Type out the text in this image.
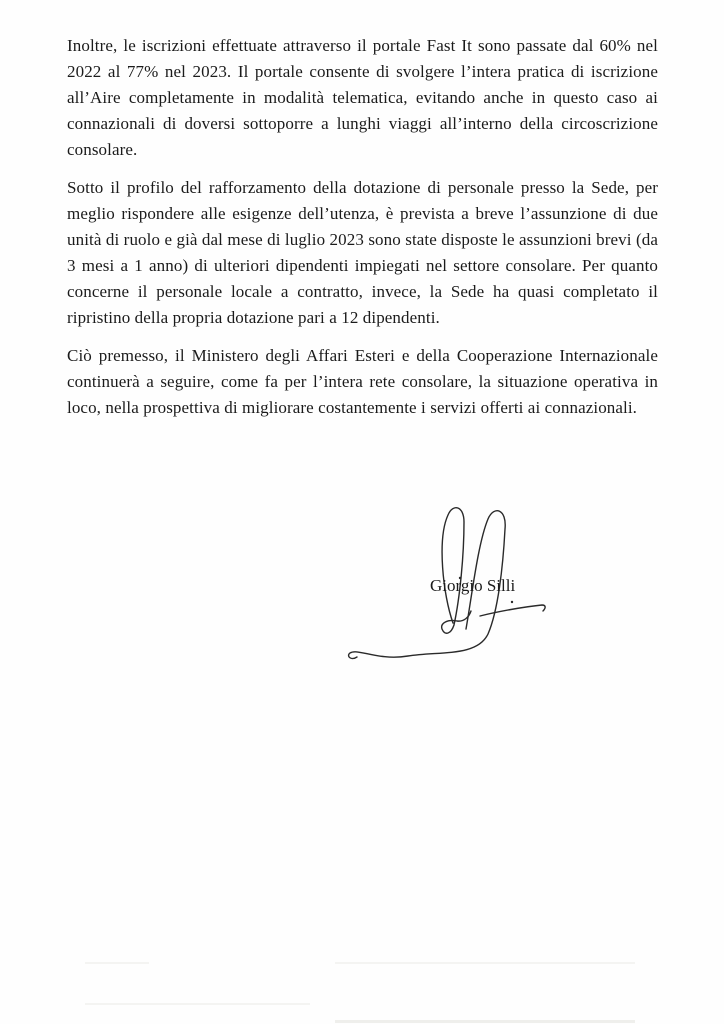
Inoltre, le iscrizioni effettuate attraverso il portale Fast It sono passate dal 60% nel 2022 al 77% nel 2023. Il portale consente di svolgere l’intera pratica di iscrizione all’Aire completamente in modalità telematica, evitando anche in questo caso ai connazionali di doversi sottoporre a lunghi viaggi all’interno della circoscrizione consolare.

Sotto il profilo del rafforzamento della dotazione di personale presso la Sede, per meglio rispondere alle esigenze dell’utenza, è prevista a breve l’assunzione di due unità di ruolo e già dal mese di luglio 2023 sono state disposte le assunzioni brevi (da 3 mesi a 1 anno) di ulteriori dipendenti impiegati nel settore consolare. Per quanto concerne il personale locale a contratto, invece, la Sede ha quasi completato il ripristino della propria dotazione pari a 12 dipendenti.

Ciò premesso, il Ministero degli Affari Esteri e della Cooperazione Internazionale continuerà a seguire, come fa per l’intera rete consolare, la situazione operativa in loco, nella prospettiva di migliorare costantemente i servizi offerti ai connazionali.

Giorgio Silli
